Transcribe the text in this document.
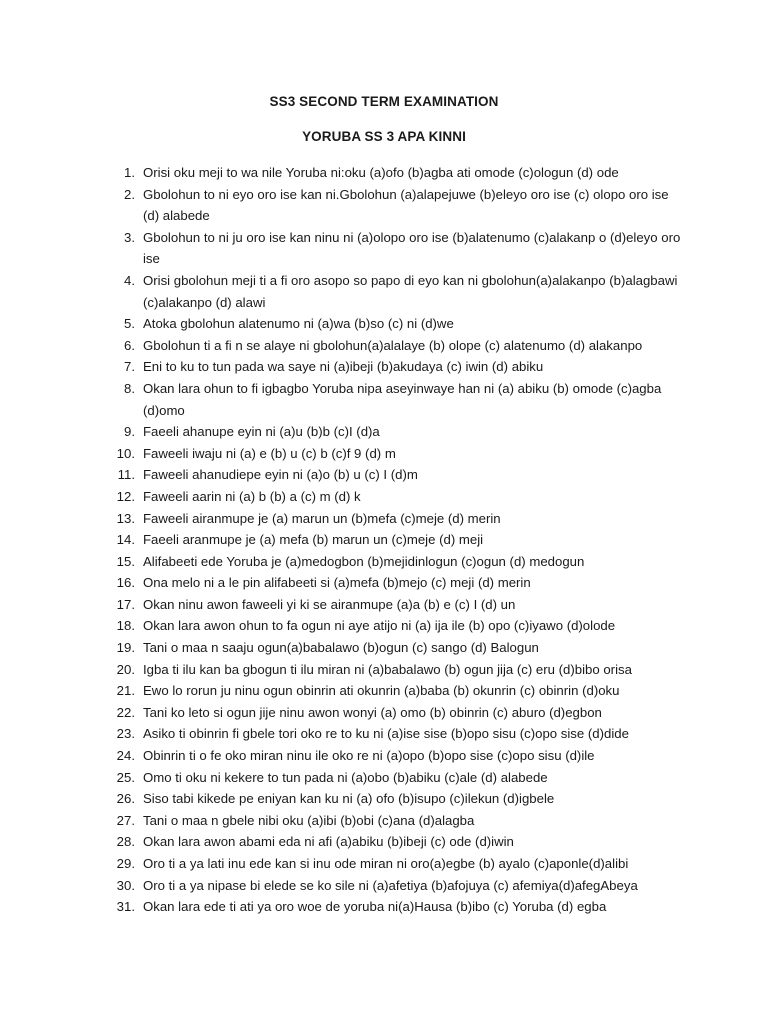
SS3 SECOND TERM EXAMINATION
YORUBA SS 3 APA KINNI
1. Orisi oku meji to wa nile Yoruba ni:oku (a)ofo (b)agba ati omode (c)ologun (d) ode
2. Gbolohun to ni eyo oro ise kan ni.Gbolohun (a)alapejuwe (b)eleyo oro ise (c) olopo oro ise (d) alabede
3. Gbolohun to ni ju oro ise kan ninu ni (a)olopo oro ise (b)alatenumo (c)alakanp o (d)eleyo oro ise
4. Orisi gbolohun meji ti a fi oro asopo so papo di eyo kan ni gbolohun(a)alakanpo (b)alagbawi (c)alakanpo (d) alawi
5. Atoka gbolohun alatenumo ni (a)wa (b)so (c) ni (d)we
6. Gbolohun ti a fi n se alaye ni gbolohun(a)alalaye (b) olope (c) alatenumo (d) alakanpo
7. Eni to ku to tun pada wa saye ni (a)ibeji (b)akudaya (c) iwin (d) abiku
8. Okan lara ohun to fi igbagbo Yoruba nipa aseyinwaye han ni (a) abiku (b) omode (c)agba (d)omo
9. Faeeli ahanupe eyin ni (a)u (b)b (c)I (d)a
10. Faweeli iwaju ni (a) e (b) u (c) b (c)f 9 (d) m
11. Faweeli ahanudiepe eyin ni (a)o (b) u (c) I (d)m
12. Faweeli aarin ni (a) b (b) a (c) m (d) k
13. Faweeli airanmupe je (a) marun un (b)mefa (c)meje (d) merin
14. Faeeli aranmupe je (a) mefa (b) marun un (c)meje (d) meji
15. Alifabeeti ede Yoruba je (a)medogbon (b)mejidinlogun (c)ogun (d) medogun
16. Ona melo ni a le pin alifabeeti si (a)mefa (b)mejo (c) meji (d) merin
17. Okan ninu awon faweeli yi ki se airanmupe (a)a (b) e (c) I (d) un
18. Okan lara awon ohun to fa ogun ni aye atijo ni (a) ija ile (b) opo (c)iyawo (d)olode
19. Tani o maa n saaju ogun(a)babalawo (b)ogun (c) sango (d) Balogun
20. Igba ti ilu kan ba gbogun ti ilu miran ni (a)babalawo (b) ogun jija (c) eru (d)bibo orisa
21. Ewo lo rorun ju ninu ogun obinrin ati okunrin (a)baba (b) okunrin (c) obinrin (d)oku
22. Tani ko leto si ogun jije ninu awon wonyi (a) omo (b) obinrin (c) aburo (d)egbon
23. Asiko ti obinrin fi gbele tori oko re to ku ni (a)ise sise (b)opo sisu (c)opo sise (d)dide
24. Obinrin ti o fe oko miran ninu ile oko re ni (a)opo (b)opo sise (c)opo sisu (d)ile
25. Omo ti oku ni kekere to tun pada ni (a)obo (b)abiku (c)ale (d) alabede
26. Siso tabi kikede pe eniyan kan ku ni (a) ofo (b)isupo (c)ilekun (d)igbele
27. Tani o maa n gbele nibi oku (a)ibi (b)obi (c)ana (d)alagba
28. Okan lara awon abami eda ni afi (a)abiku (b)ibeji (c) ode (d)iwin
29. Oro ti a ya lati inu ede kan si inu ode miran ni oro(a)egbe (b) ayalo (c)aponle(d)alibi
30. Oro ti a ya nipase bi elede se ko sile ni (a)afetiya (b)afojuya (c) afemiya(d)afegAbeya
31. Okan lara ede ti ati ya oro woe de yoruba ni(a)Hausa (b)ibo (c) Yoruba (d) egba
